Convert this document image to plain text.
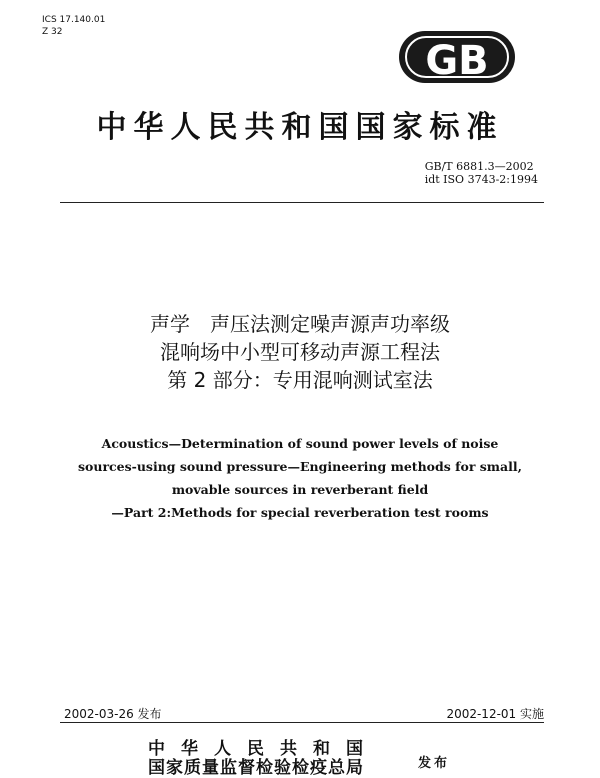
ICS 17.140.01
Z 32
GB
中华人民共和国国家标准
GB/T 6881.3—2002
idt ISO 3743-2:1994
声学　声压法测定噪声源声功率级
混响场中小型可移动声源工程法
第 2 部分：专用混响测试室法
Acoustics—Determination of sound power levels of noise
sources-using sound pressure—Engineering methods for small,
movable sources in reverberant field
—Part 2:Methods for special reverberation test rooms
2002-03-26 发布	2002-12-01 实施
中华人民共和国
国家质量监督检验检疫总局	发布
